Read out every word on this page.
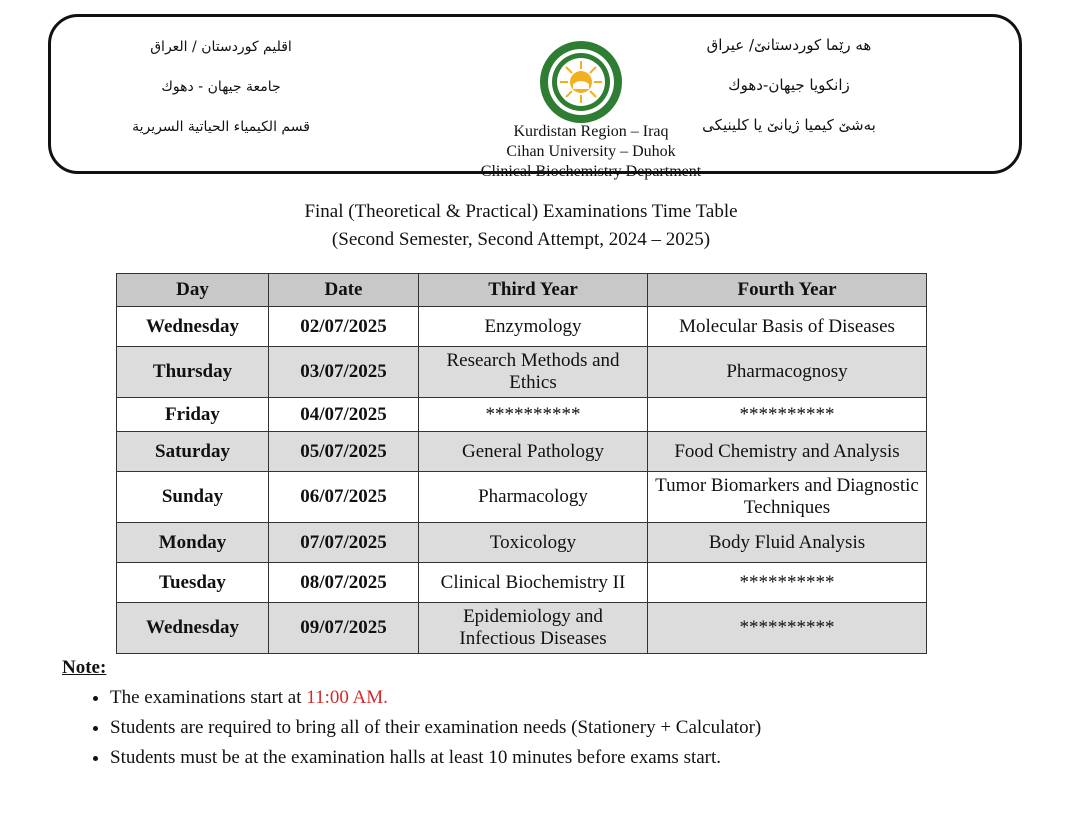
اقليم كوردستان / العراق
جامعة جيهان - دهوك
قسم الكيمياء الحياتية السريرية	Kurdistan Region – Iraq
Cihan University – Duhok
Clinical Biochemistry Department
هه رێما كوردستانێ/ عيراق
زانكويا جيهان-دهوك
بەشێ كيميا ژيانێ يا كلينيكى
Final (Theoretical & Practical) Examinations Time Table
(Second Semester, Second Attempt, 2024 – 2025)
Day	Date	Third Year	Fourth Year
Wednesday	02/07/2025	Enzymology	Molecular Basis of Diseases
Thursday	03/07/2025	Research Methods and Ethics	Pharmacognosy
Friday	04/07/2025	**********	**********
Saturday	05/07/2025	General Pathology	Food Chemistry and Analysis
Sunday	06/07/2025	Pharmacology	Tumor Biomarkers and Diagnostic Techniques
Monday	07/07/2025	Toxicology	Body Fluid Analysis
Tuesday	08/07/2025	Clinical Biochemistry II	**********
Wednesday	09/07/2025	Epidemiology and Infectious Diseases	**********
Note:
• The examinations start at 11:00 AM.
• Students are required to bring all of their examination needs (Stationery + Calculator)
• Students must be at the examination halls at least 10 minutes before exams start.
